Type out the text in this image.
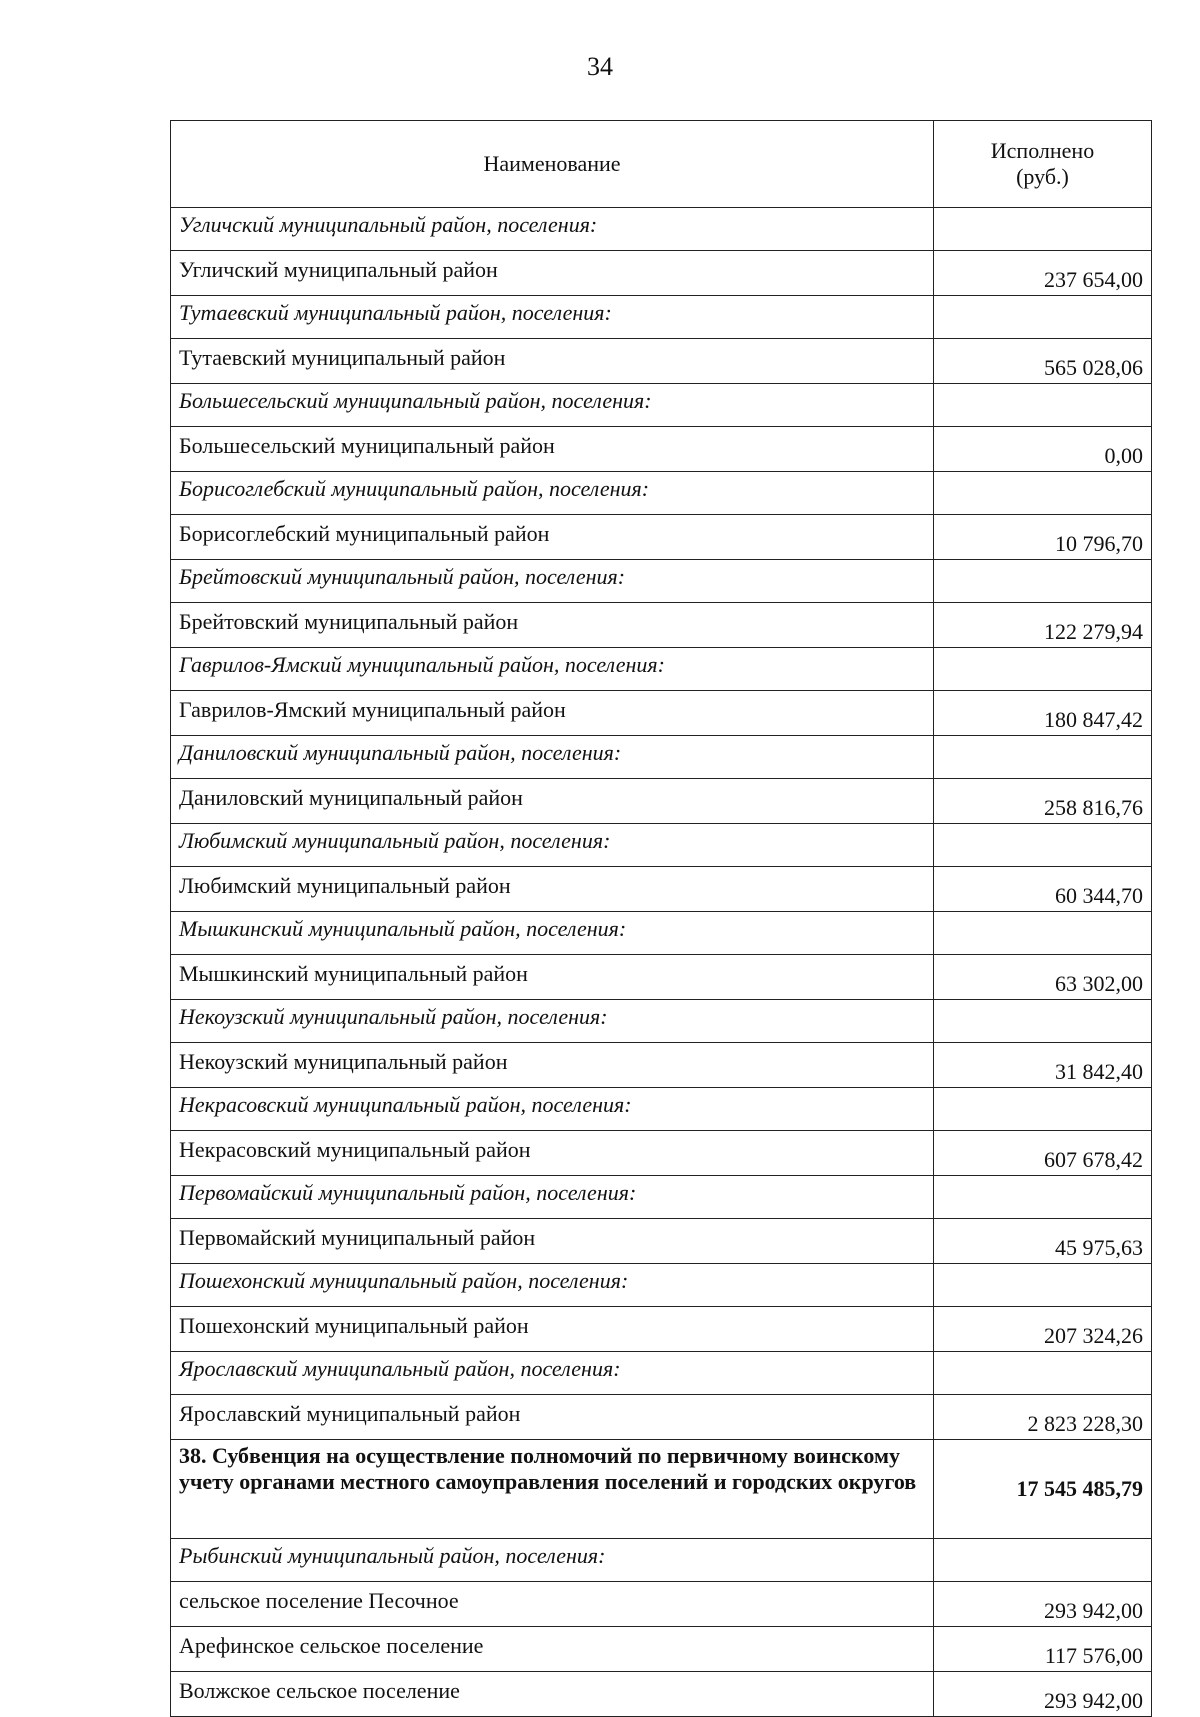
34
Наименование	Исполнено
(руб.)

Угличский муниципальный район, поселения:	
Угличский муниципальный район	237 654,00
Тутаевский муниципальный район, поселения:	
Тутаевский муниципальный район	565 028,06
Большесельский муниципальный район, поселения:	
Большесельский муниципальный район	0,00
Борисоглебский муниципальный район, поселения:	
Борисоглебский муниципальный район	10 796,70
Брейтовский муниципальный район, поселения:	
Брейтовский муниципальный район	122 279,94
Гаврилов-Ямский муниципальный район, поселения:	
Гаврилов-Ямский муниципальный район	180 847,42
Даниловский муниципальный район, поселения:	
Даниловский муниципальный район	258 816,76
Любимский муниципальный район, поселения:	
Любимский муниципальный район	60 344,70
Мышкинский муниципальный район, поселения:	
Мышкинский муниципальный район	63 302,00
Некоузский муниципальный район, поселения:	
Некоузский муниципальный район	31 842,40
Некрасовский муниципальный район, поселения:	
Некрасовский муниципальный район	607 678,42
Первомайский муниципальный район, поселения:	
Первомайский муниципальный район	45 975,63
Пошехонский муниципальный район, поселения:	
Пошехонский муниципальный район	207 324,26
Ярославский муниципальный район, поселения:	
Ярославский муниципальный район	2 823 228,30
38. Субвенция на осуществление полномочий по первичному воинскому учету органами местного самоуправления поселений и городских округов	17 545 485,79
Рыбинский муниципальный район, поселения:	
сельское поселение Песочное	293 942,00
Арефинское сельское поселение	117 576,00
Волжское сельское поселение	293 942,00
